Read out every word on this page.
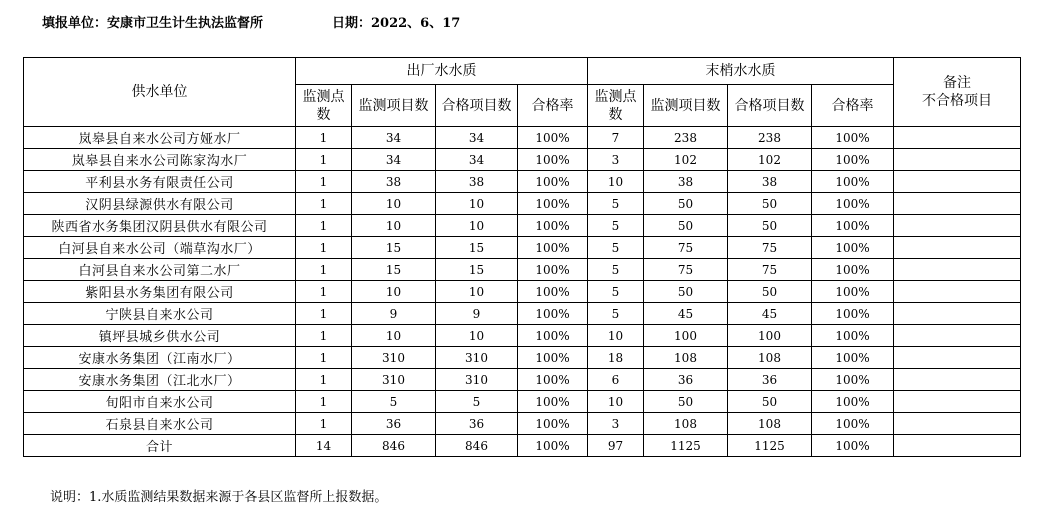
填报单位：安康市卫生计生执法监督所	日期：2022、6、17
供水单位	出厂水水质				末梢水水质				备注
不合格项目

	监测点数	监测项目数	合格项目数	合格率	监测点数	监测项目数	合格项目数	合格率	
岚皋县自来水公司方娅水厂	1	34	34	100%	7	238	238	100%	
岚皋县自来水公司陈家沟水厂	1	34	34	100%	3	102	102	100%	
平利县水务有限责任公司	1	38	38	100%	10	38	38	100%	
汉阴县绿源供水有限公司	1	10	10	100%	5	50	50	100%	
陕西省水务集团汉阴县供水有限公司	1	10	10	100%	5	50	50	100%	
白河县自来水公司（端草沟水厂）	1	15	15	100%	5	75	75	100%	
白河县自来水公司第二水厂	1	15	15	100%	5	75	75	100%	
紫阳县水务集团有限公司	1	10	10	100%	5	50	50	100%	
宁陕县自来水公司	1	9	9	100%	5	45	45	100%	
镇坪县城乡供水公司	1	10	10	100%	10	100	100	100%	
安康水务集团（江南水厂）	1	310	310	100%	18	108	108	100%	
安康水务集团（江北水厂）	1	310	310	100%	6	36	36	100%	
旬阳市自来水公司	1	5	5	100%	10	50	50	100%	
石泉县自来水公司	1	36	36	100%	3	108	108	100%	
合计	14	846	846	100%	97	1125	1125	100%	
说明：1.水质监测结果数据来源于各县区监督所上报数据。
